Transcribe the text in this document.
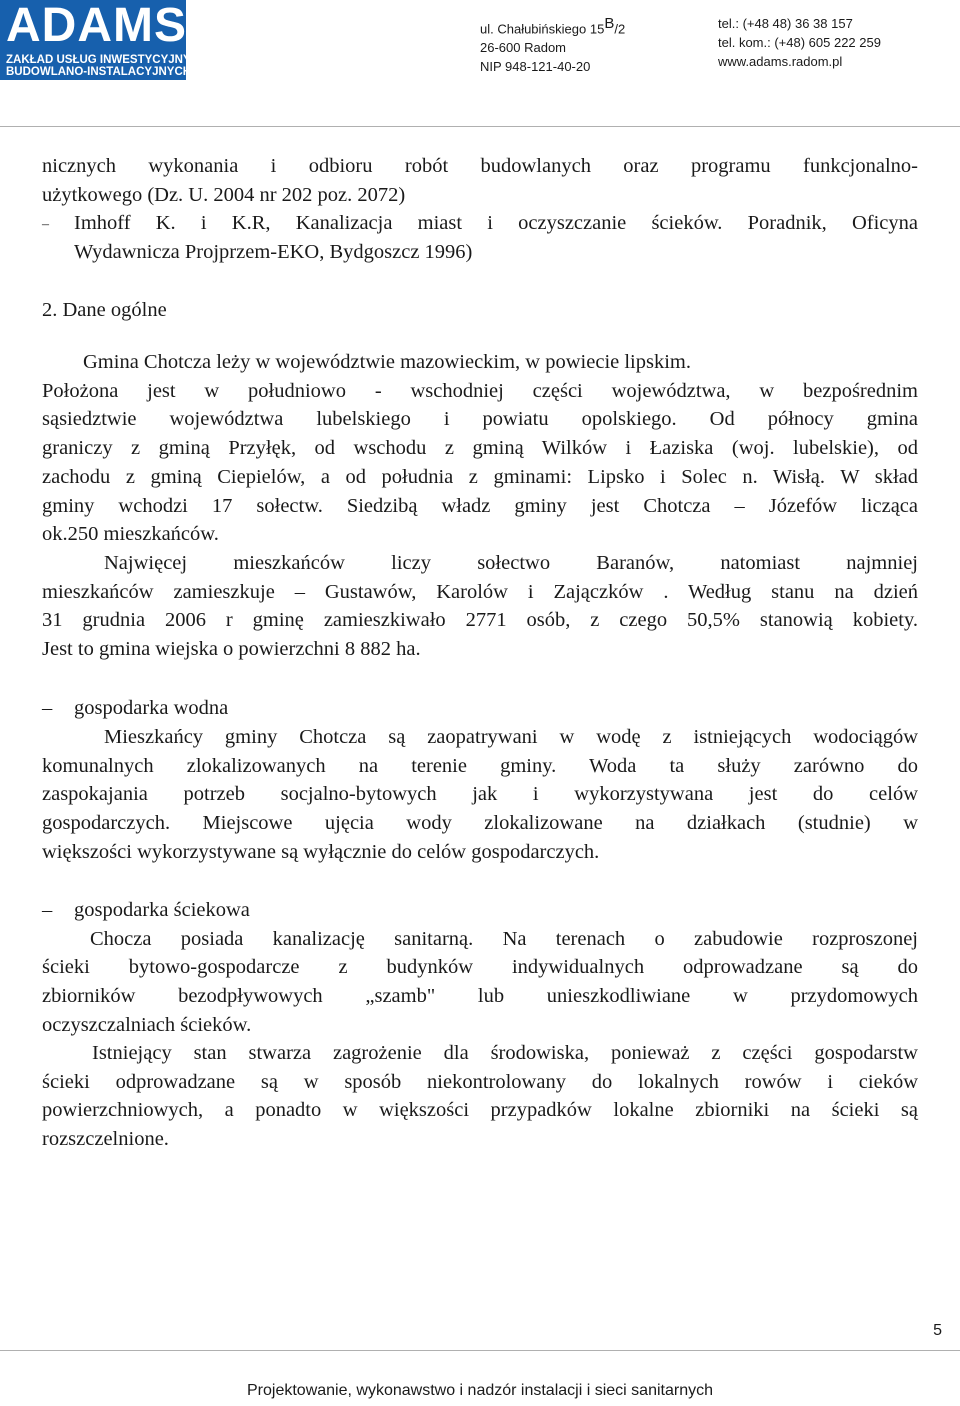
ADAMS
ZAKŁAD USŁUG INWESTYCYJNYCH
BUDOWLANO-INSTALACYJNYCH
ul. Chałubińskiego $15^B/2$
26-600 Radom
NIP 948-121-40-20
tel.: (+48 48) 36 38 157
tel. kom.: (+48) 605 222 259
www.adams.radom.pl
nicznych wykonania i odbioru robót budowlanych oraz programu funkcjonalno-
użytkowego (Dz. U. 2004 nr 202 poz. 2072)
– Imhoff K. i K.R, Kanalizacja miast i oczyszczanie ścieków. Poradnik, Oficyna
Wydawnicza Projprzem-EKO, Bydgoszcz 1996)
2. Dane ogólne
Gmina Chotcza leży w województwie mazowieckim, w powiecie lipskim.
Położona jest w południowo - wschodniej części województwa, w bezpośrednim
sąsiedztwie województwa lubelskiego i powiatu opolskiego. Od północy gmina
graniczy z gminą Przyłęk, od wschodu z gminą Wilków i Łaziska (woj. lubelskie), od
zachodu z gminą Ciepielów, a od południa z gminami: Lipsko i Solec n. Wisłą. W skład
gminy wchodzi 17 sołectw. Siedzibą władz gminy jest Chotcza – Józefów licząca
ok.250 mieszkańców.
Najwięcej mieszkańców liczy sołectwo Baranów, natomiast najmniej
mieszkańców zamieszkuje – Gustawów, Karolów i Zajączków . Według stanu na dzień
31 grudnia 2006 r gminę zamieszkiwało 2771 osób, z czego 50,5% stanowią kobiety.
Jest to gmina wiejska o powierzchni 8 882 ha.
– gospodarka wodna
Mieszkańcy gminy Chotcza są zaopatrywani w wodę z istniejących wodociągów
komunalnych zlokalizowanych na terenie gminy. Woda ta służy zarówno do
zaspokajania potrzeb socjalno-bytowych jak i wykorzystywana jest do celów
gospodarczych. Miejscowe ujęcia wody zlokalizowane na działkach (studnie) w
większości wykorzystywane są wyłącznie do celów gospodarczych.
– gospodarka ściekowa
Chocza posiada kanalizację sanitarną. Na terenach o zabudowie rozproszonej
ścieki bytowo-gospodarcze z budynków indywidualnych odprowadzane są do
zbiorników bezodpływowych „szamb" lub unieszkodliwiane w przydomowych
oczyszczalniach ścieków.
Istniejący stan stwarza zagrożenie dla środowiska, ponieważ z części gospodarstw
ścieki odprowadzane są w sposób niekontrolowany do lokalnych rowów i cieków
powierzchniowych, a ponadto w większości przypadków lokalne zbiorniki na ścieki są
rozszczelnione.
5
Projektowanie, wykonawstwo i nadzór instalacji i sieci sanitarnych
